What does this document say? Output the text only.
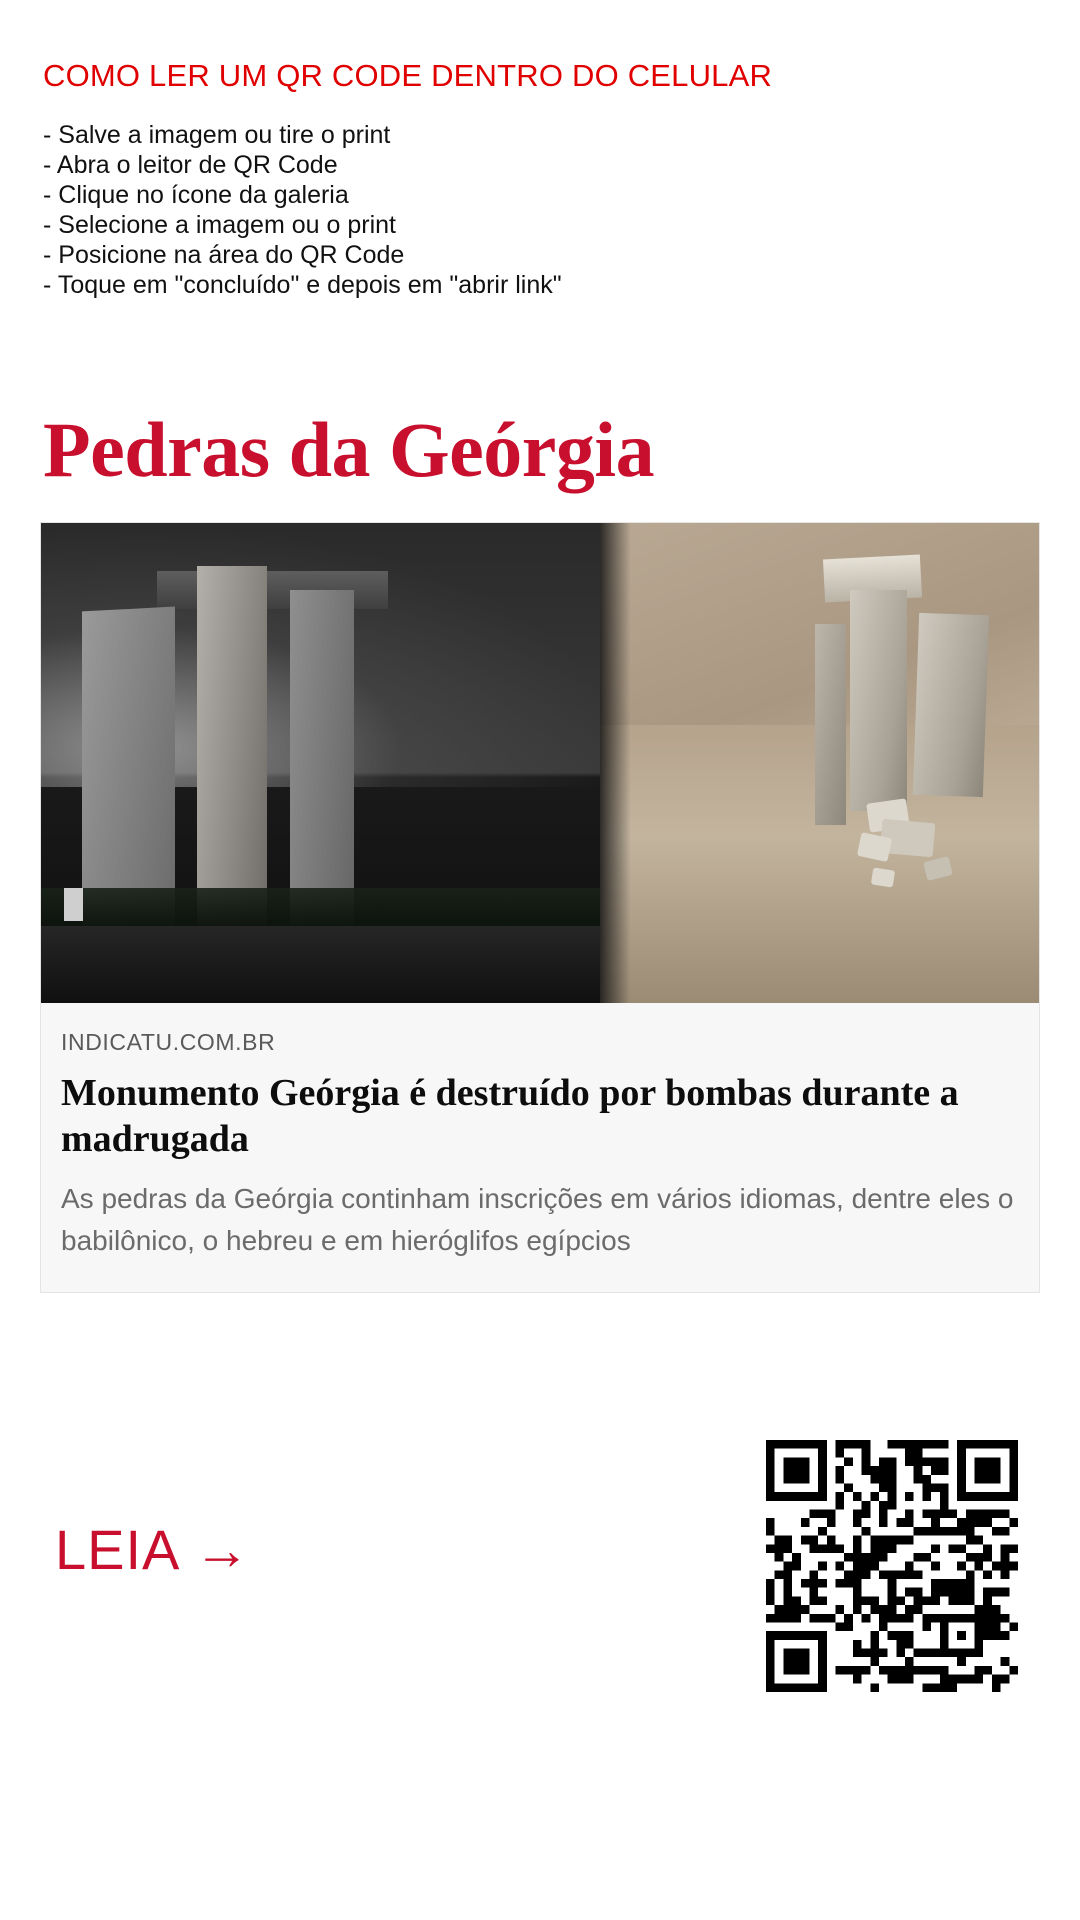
COMO LER UM QR CODE DENTRO DO CELULAR
- Salve a imagem ou tire o print
- Abra o leitor de QR Code
- Clique no ícone da galeria
- Selecione a imagem ou o print
- Posicione na área do QR Code
- Toque em "concluído" e depois em "abrir link"
Pedras da Geórgia
INDICATU.COM.BR
Monumento Geórgia é destruído por bombas durante a madrugada

As pedras da Geórgia continham inscrições em vários idiomas, dentre eles o babilônico, o hebreu e em hieróglifos egípcios

LEIA →
